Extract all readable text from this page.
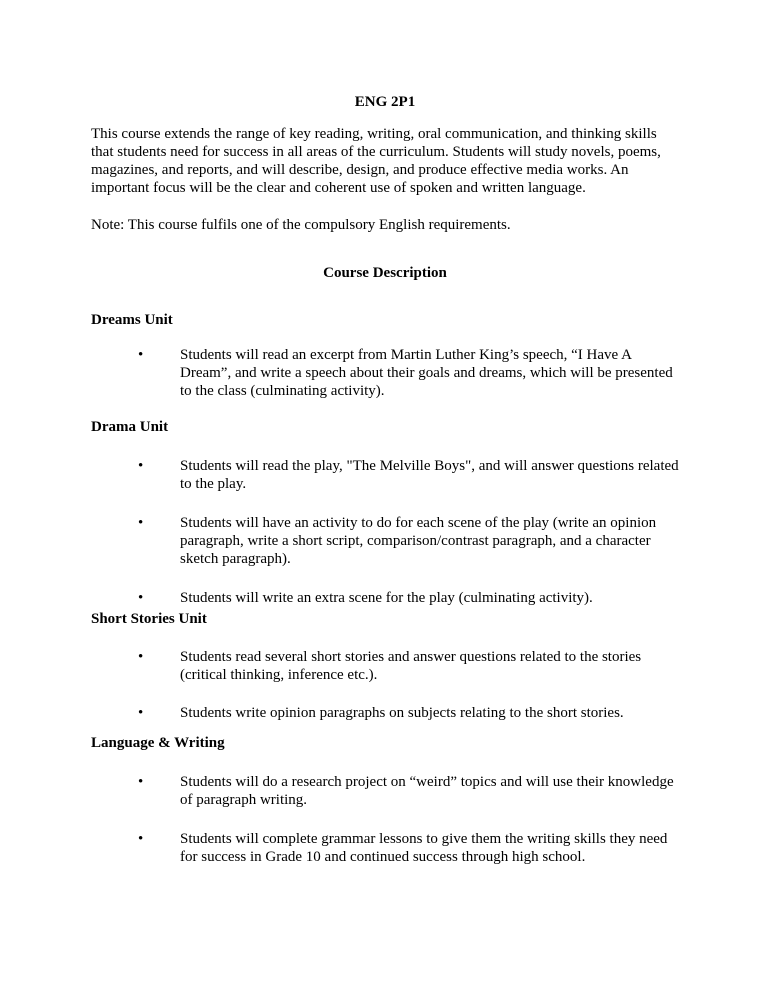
ENG 2P1

This course extends the range of key reading, writing, oral communication, and thinking skills that students need for success in all areas of the curriculum. Students will study novels, poems, magazines, and reports, and will describe, design, and produce effective media works. An important focus will be the clear and coherent use of spoken and written language.

Note: This course fulfils one of the compulsory English requirements.

Course Description

Dreams Unit

• Students will read an excerpt from Martin Luther King’s speech, “I Have A Dream”, and write a speech about their goals and dreams, which will be presented to the class (culminating activity).

Drama Unit

• Students will read the play, "The Melville Boys", and will answer questions related to the play.
• Students will have an activity to do for each scene of the play (write an opinion paragraph, write a short script, comparison/contrast paragraph, and a character sketch paragraph).
• Students will write an extra scene for the play (culminating activity).

Short Stories Unit

• Students read several short stories and answer questions related to the stories (critical thinking, inference etc.).
• Students write opinion paragraphs on subjects relating to the short stories.

Language & Writing

• Students will do a research project on “weird” topics and will use their knowledge of paragraph writing.
• Students will complete grammar lessons to give them the writing skills they need for success in Grade 10 and continued success through high school.
